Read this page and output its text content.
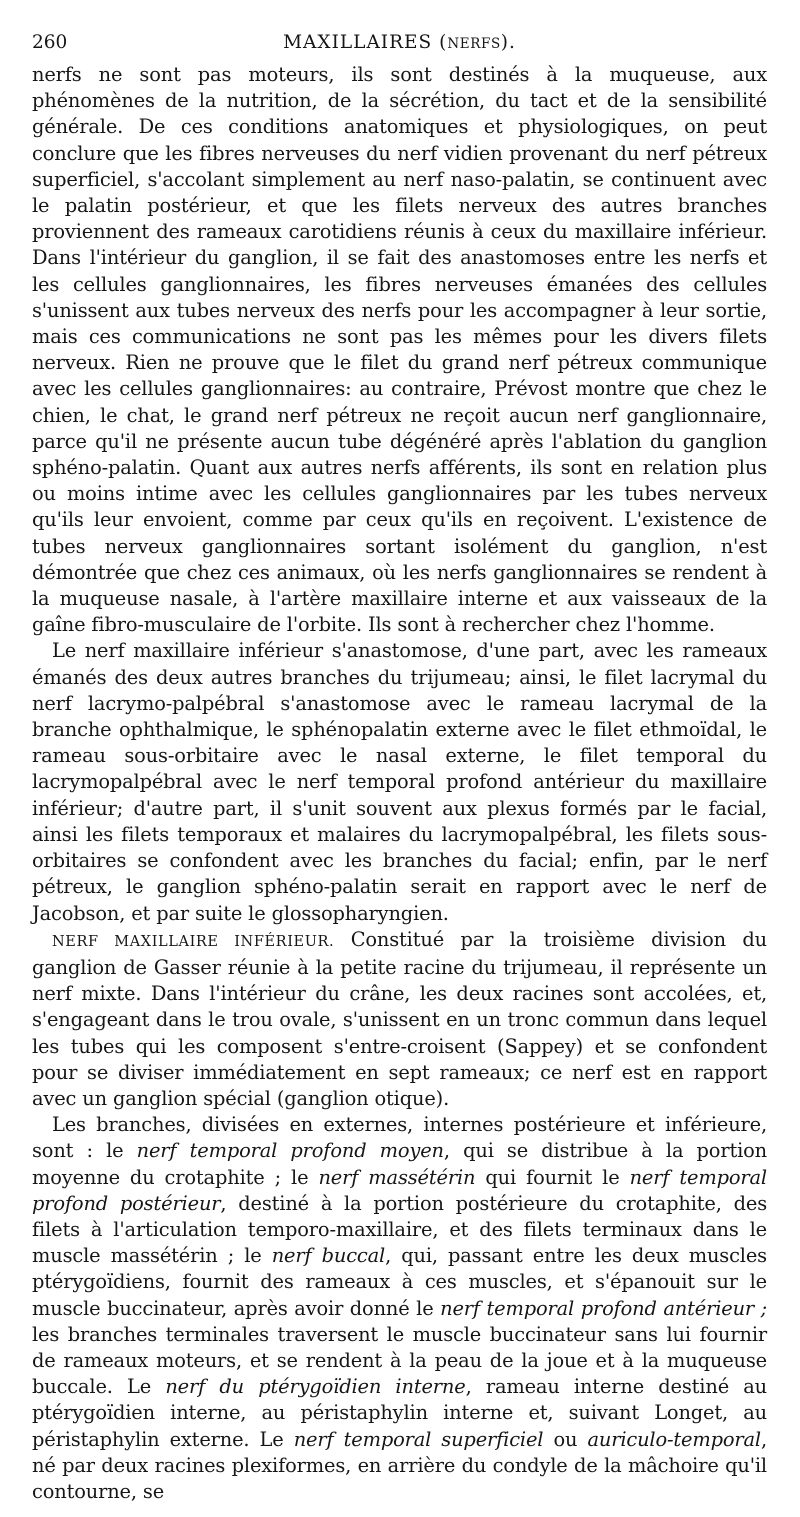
260	MAXILLAIRES (NERFS).

nerfs ne sont pas moteurs, ils sont destinés à la muqueuse, aux phénomènes de la nutrition, de la sécrétion, du tact et de la sensibilité générale. De ces conditions anatomiques et physiologiques, on peut conclure que les fibres nerveuses du nerf vidien provenant du nerf pétreux superficiel, s'accolant simplement au nerf naso-palatin, se continuent avec le palatin postérieur, et que les filets nerveux des autres branches proviennent des rameaux carotidiens réunis à ceux du maxillaire inférieur. Dans l'intérieur du ganglion, il se fait des anastomoses entre les nerfs et les cellules ganglionnaires, les fibres nerveuses émanées des cellules s'unissent aux tubes nerveux des nerfs pour les accompagner à leur sortie, mais ces communications ne sont pas les mêmes pour les divers filets nerveux. Rien ne prouve que le filet du grand nerf pétreux communique avec les cellules ganglionnaires: au contraire, Prévost montre que chez le chien, le chat, le grand nerf pétreux ne reçoit aucun nerf ganglionnaire, parce qu'il ne présente aucun tube dégénéré après l'ablation du ganglion sphéno-palatin. Quant aux autres nerfs afférents, ils sont en relation plus ou moins intime avec les cellules ganglionnaires par les tubes nerveux qu'ils leur envoient, comme par ceux qu'ils en reçoivent. L'existence de tubes nerveux ganglionnaires sortant isolément du ganglion, n'est démontrée que chez ces animaux, où les nerfs ganglionnaires se rendent à la muqueuse nasale, à l'artère maxillaire interne et aux vaisseaux de la gaîne fibro-musculaire de l'orbite. Ils sont à rechercher chez l'homme.

Le nerf maxillaire inférieur s'anastomose, d'une part, avec les rameaux émanés des deux autres branches du trijumeau; ainsi, le filet lacrymal du nerf lacrymo-palpébral s'anastomose avec le rameau lacrymal de la branche ophthalmique, le sphénopalatin externe avec le filet ethmoïdal, le rameau sous-orbitaire avec le nasal externe, le filet temporal du lacrymopalpébral avec le nerf temporal profond antérieur du maxillaire inférieur; d'autre part, il s'unit souvent aux plexus formés par le facial, ainsi les filets temporaux et malaires du lacrymopalpébral, les filets sous-orbitaires se confondent avec les branches du facial; enfin, par le nerf pétreux, le ganglion sphéno-palatin serait en rapport avec le nerf de Jacobson, et par suite le glossopharyngien.

NERF MAXILLAIRE INFÉRIEUR. Constitué par la troisième division du ganglion de Gasser réunie à la petite racine du trijumeau, il représente un nerf mixte. Dans l'intérieur du crâne, les deux racines sont accolées, et, s'engageant dans le trou ovale, s'unissent en un tronc commun dans lequel les tubes qui les composent s'entre-croisent (Sappey) et se confondent pour se diviser immédiatement en sept rameaux; ce nerf est en rapport avec un ganglion spécial (ganglion otique).

Les branches, divisées en externes, internes postérieure et inférieure, sont : le nerf temporal profond moyen, qui se distribue à la portion moyenne du crotaphite ; le nerf massétérin qui fournit le nerf temporal profond postérieur, destiné à la portion postérieure du crotaphite, des filets à l'articulation temporo-maxillaire, et des filets terminaux dans le muscle massétérin ; le nerf buccal, qui, passant entre les deux muscles ptérygoïdiens, fournit des rameaux à ces muscles, et s'épanouit sur le muscle buccinateur, après avoir donné le nerf temporal profond antérieur ; les branches terminales traversent le muscle buccinateur sans lui fournir de rameaux moteurs, et se rendent à la peau de la joue et à la muqueuse buccale. Le nerf du ptérygoïdien interne, rameau interne destiné au ptérygoïdien interne, au péristaphylin interne et, suivant Longet, au péristaphylin externe. Le nerf temporal superficiel ou auriculo-temporal, né par deux racines plexiformes, en arrière du condyle de la mâchoire qu'il contourne, se
